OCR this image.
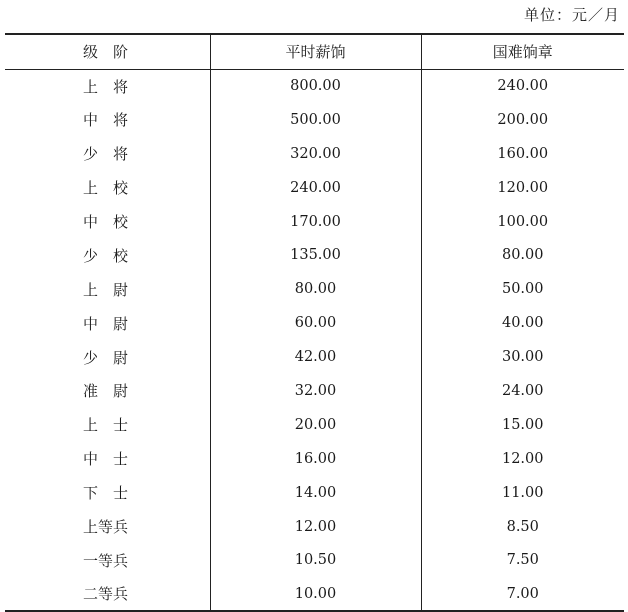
单位：元／月
级　阶	平时薪饷	国难饷章
上　将	800.00	240.00
中　将	500.00	200.00
少　将	320.00	160.00
上　校	240.00	120.00
中　校	170.00	100.00
少　校	135.00	80.00
上　尉	80.00	50.00
中　尉	60.00	40.00
少　尉	42.00	30.00
准　尉	32.00	24.00
上　士	20.00	15.00
中　士	16.00	12.00
下　士	14.00	11.00
上等兵	12.00	8.50
一等兵	10.50	7.50
二等兵	10.00	7.00
